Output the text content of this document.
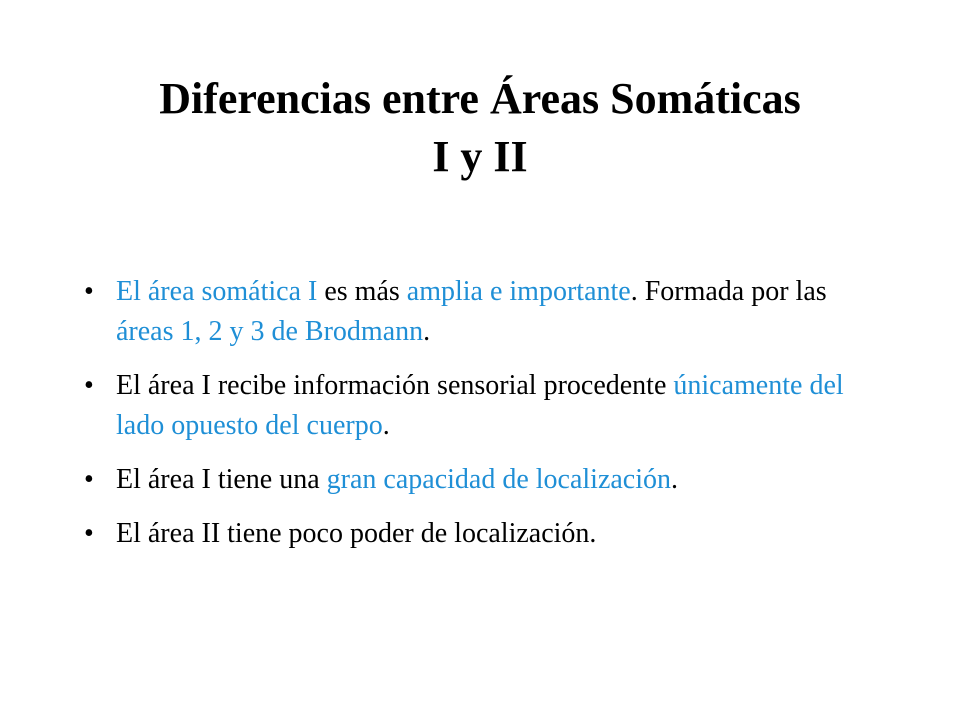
Diferencias entre Áreas Somáticas
I y II
• El área somática I es más amplia e importante. Formada por las áreas 1, 2 y 3 de Brodmann.
• El área I recibe información sensorial procedente únicamente del lado opuesto del cuerpo.
• El área I tiene una gran capacidad de localización.
• El área II tiene poco poder de localización.
